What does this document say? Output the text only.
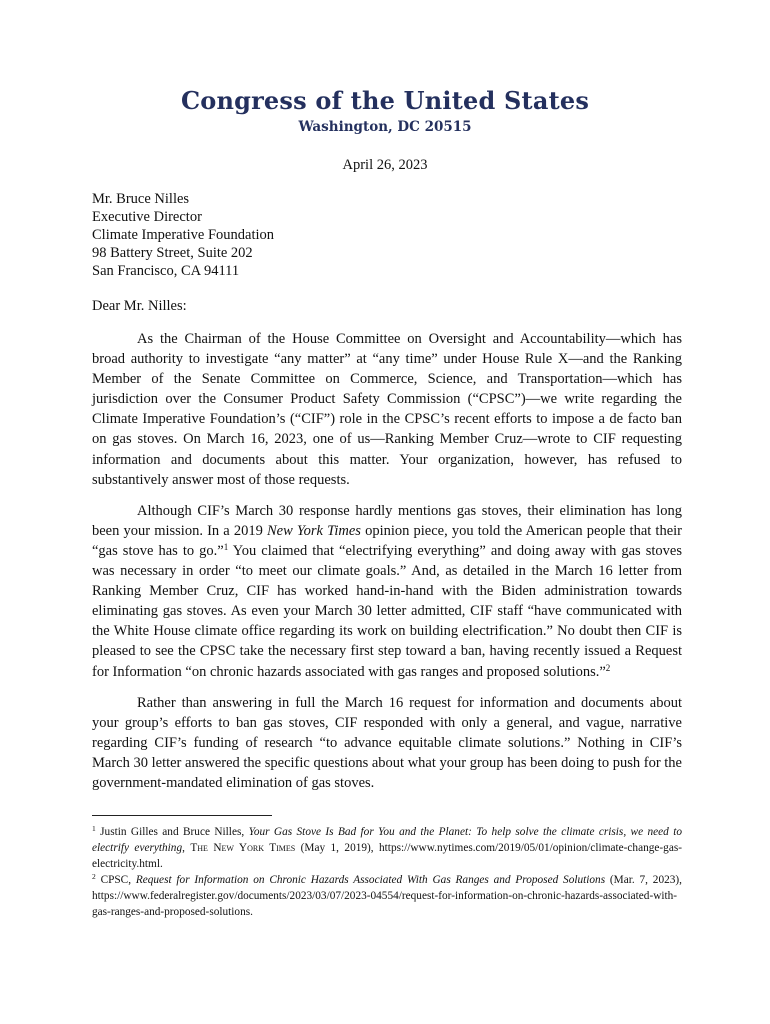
Congress of the United States
Washington, DC 20515
April 26, 2023
Mr. Bruce Nilles
Executive Director
Climate Imperative Foundation
98 Battery Street, Suite 202
San Francisco, CA 94111
Dear Mr. Nilles:

As the Chairman of the House Committee on Oversight and Accountability—which has broad authority to investigate “any matter” at “any time” under House Rule X—and the Ranking Member of the Senate Committee on Commerce, Science, and Transportation—which has jurisdiction over the Consumer Product Safety Commission (“CPSC”)—we write regarding the Climate Imperative Foundation’s (“CIF”) role in the CPSC’s recent efforts to impose a de facto ban on gas stoves. On March 16, 2023, one of us—Ranking Member Cruz—wrote to CIF requesting information and documents about this matter. Your organization, however, has refused to substantively answer most of those requests.

Although CIF’s March 30 response hardly mentions gas stoves, their elimination has long been your mission. In a 2019 New York Times opinion piece, you told the American people that their “gas stove has to go.”$^1$ You claimed that “electrifying everything” and doing away with gas stoves was necessary in order “to meet our climate goals.” And, as detailed in the March 16 letter from Ranking Member Cruz, CIF has worked hand-in-hand with the Biden administration towards eliminating gas stoves. As even your March 30 letter admitted, CIF staff “have communicated with the White House climate office regarding its work on building electrification.” No doubt then CIF is pleased to see the CPSC take the necessary first step toward a ban, having recently issued a Request for Information “on chronic hazards associated with gas ranges and proposed solutions.”$^2$

Rather than answering in full the March 16 request for information and documents about your group’s efforts to ban gas stoves, CIF responded with only a general, and vague, narrative regarding CIF’s funding of research “to advance equitable climate solutions.” Nothing in CIF’s March 30 letter answered the specific questions about what your group has been doing to push for the government-mandated elimination of gas stoves.

$^1$ Justin Gilles and Bruce Nilles, Your Gas Stove Is Bad for You and the Planet: To help solve the climate crisis, we need to electrify everything, The New York Times (May 1, 2019), https://www.nytimes.com/2019/05/01/opinion/climate-change-gas-electricity.html.

$^2$ CPSC, Request for Information on Chronic Hazards Associated With Gas Ranges and Proposed Solutions (Mar. 7, 2023), https://www.federalregister.gov/documents/2023/03/07/2023-04554/request-for-information-on-chronic-hazards-associated-with-gas-ranges-and-proposed-solutions.
